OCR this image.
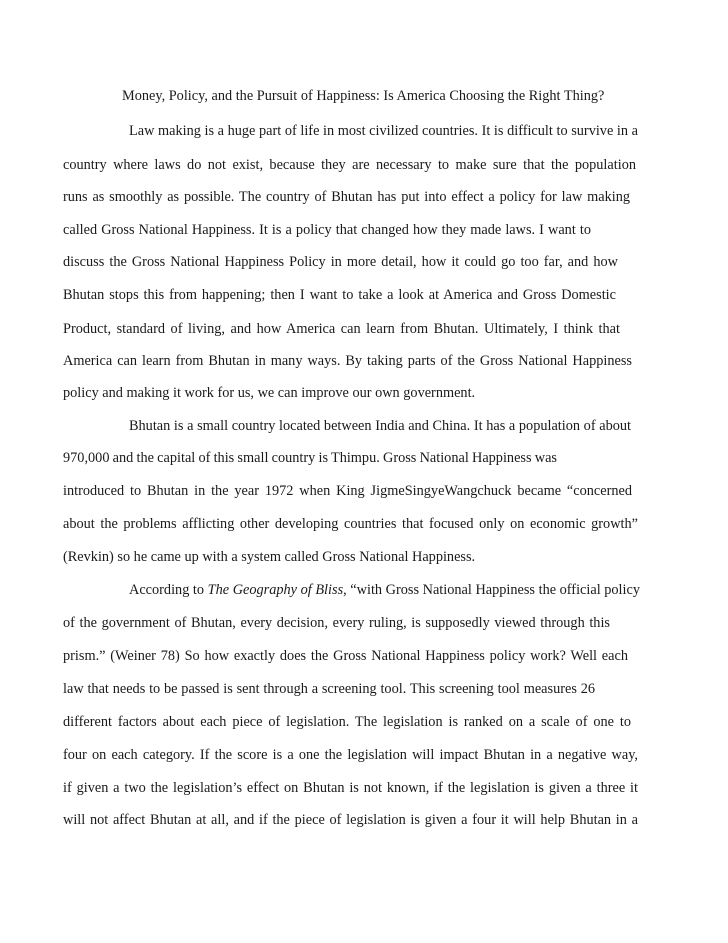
Money, Policy, and the Pursuit of Happiness: Is America Choosing the Right Thing?
Law making is a huge part of life in most civilized countries. It is difficult to survive in a
country where laws do not exist, because they are necessary to make sure that the population
runs as smoothly as possible. The country of Bhutan has put into effect a policy for law making
called Gross National Happiness. It is a policy that changed how they made laws. I want to
discuss the Gross National Happiness Policy in more detail, how it could go too far, and how
Bhutan stops this from happening; then I want to take a look at America and Gross Domestic
Product, standard of living, and how America can learn from Bhutan. Ultimately, I think that
America can learn from Bhutan in many ways. By taking parts of the Gross National Happiness
policy and making it work for us, we can improve our own government.
Bhutan is a small country located between India and China. It has a population of about
970,000 and the capital of this small country is Thimpu. Gross National Happiness was
introduced to Bhutan in the year 1972 when King JigmeSingyeWangchuck became “concerned
about the problems afflicting other developing countries that focused only on economic growth”
(Revkin) so he came up with a system called Gross National Happiness.
According to The Geography of Bliss, “with Gross National Happiness the official policy
of the government of Bhutan, every decision, every ruling, is supposedly viewed through this
prism.” (Weiner 78) So how exactly does the Gross National Happiness policy work? Well each
law that needs to be passed is sent through a screening tool. This screening tool measures 26
different factors about each piece of legislation. The legislation is ranked on a scale of one to
four on each category. If the score is a one the legislation will impact Bhutan in a negative way,
if given a two the legislation’s effect on Bhutan is not known, if the legislation is given a three it
will not affect Bhutan at all, and if the piece of legislation is given a four it will help Bhutan in a
